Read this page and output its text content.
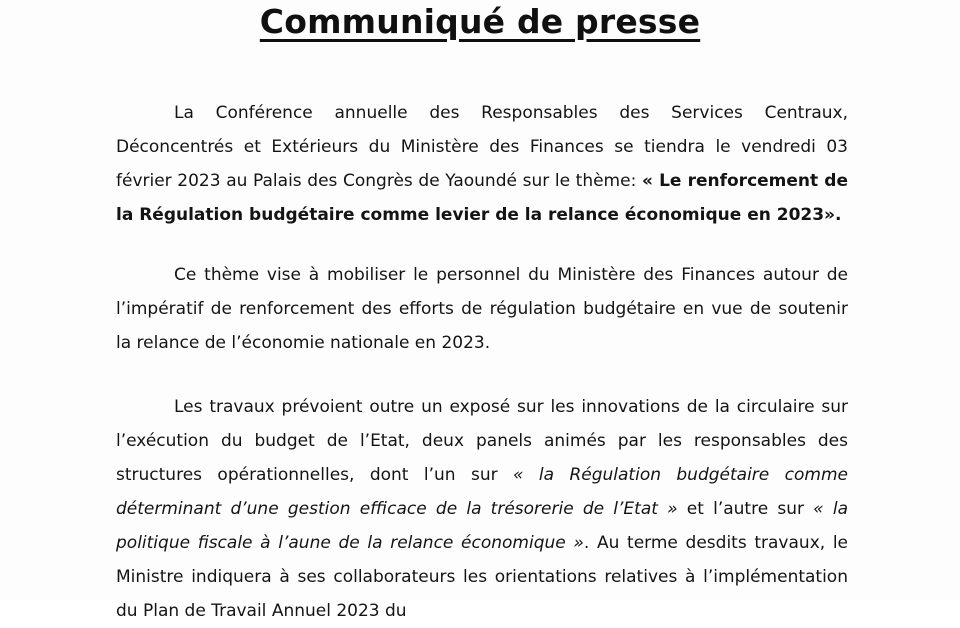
Communiqué de presse

La Conférence annuelle des Responsables des Services Centraux, Déconcentrés et Extérieurs du Ministère des Finances se tiendra le vendredi 03 février 2023 au Palais des Congrès de Yaoundé sur le thème: « Le renforcement de la Régulation budgétaire comme levier de la relance économique en 2023».

Ce thème vise à mobiliser le personnel du Ministère des Finances autour de l’impératif de renforcement des efforts de régulation budgétaire en vue de soutenir la relance de l’économie nationale en 2023.

Les travaux prévoient outre un exposé sur les innovations de la circulaire sur l’exécution du budget de l’Etat, deux panels animés par les responsables des structures opérationnelles, dont l’un sur « la Régulation budgétaire comme déterminant d’une gestion efficace de la trésorerie de l’Etat » et l’autre sur « la politique fiscale à l’aune de la relance économique ». Au terme desdits travaux, le Ministre indiquera à ses collaborateurs les orientations relatives à l’implémentation du Plan de Travail Annuel 2023 du
